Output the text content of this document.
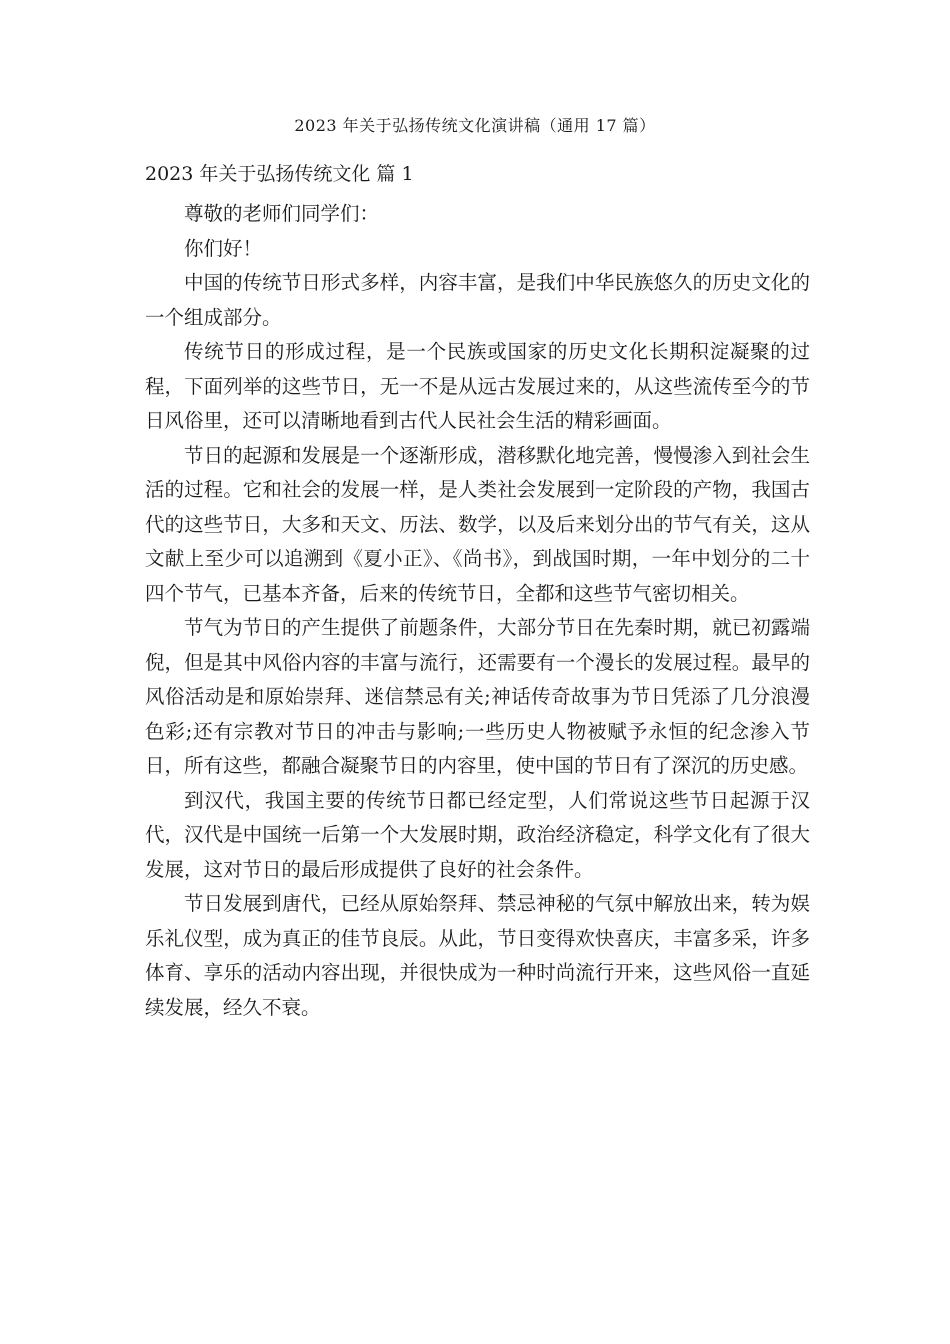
2023 年关于弘扬传统文化演讲稿（通用 17 篇）
2023 年关于弘扬传统文化 篇 1

尊敬的老师们同学们：

你们好！

中国的传统节日形式多样，内容丰富，是我们中华民族悠久的历史文化的一个组成部分。

传统节日的形成过程，是一个民族或国家的历史文化长期积淀凝聚的过程，下面列举的这些节日，无一不是从远古发展过来的，从这些流传至今的节日风俗里，还可以清晰地看到古代人民社会生活的精彩画面。

节日的起源和发展是一个逐渐形成，潜移默化地完善，慢慢渗入到社会生活的过程。它和社会的发展一样，是人类社会发展到一定阶段的产物，我国古代的这些节日，大多和天文、历法、数学，以及后来划分出的节气有关，这从文献上至少可以追溯到《夏小正》、《尚书》，到战国时期，一年中划分的二十四个节气，已基本齐备，后来的传统节日，全都和这些节气密切相关。

节气为节日的产生提供了前题条件，大部分节日在先秦时期，就已初露端倪，但是其中风俗内容的丰富与流行，还需要有一个漫长的发展过程。最早的风俗活动是和原始崇拜、迷信禁忌有关;神话传奇故事为节日凭添了几分浪漫色彩;还有宗教对节日的冲击与影响;一些历史人物被赋予永恒的纪念渗入节日，所有这些，都融合凝聚节日的内容里，使中国的节日有了深沉的历史感。

到汉代，我国主要的传统节日都已经定型，人们常说这些节日起源于汉代，汉代是中国统一后第一个大发展时期，政治经济稳定，科学文化有了很大发展，这对节日的最后形成提供了良好的社会条件。

节日发展到唐代，已经从原始祭拜、禁忌神秘的气氛中解放出来，转为娱乐礼仪型，成为真正的佳节良辰。从此，节日变得欢快喜庆，丰富多采，许多体育、享乐的活动内容出现，并很快成为一种时尚流行开来，这些风俗一直延续发展，经久不衰。
